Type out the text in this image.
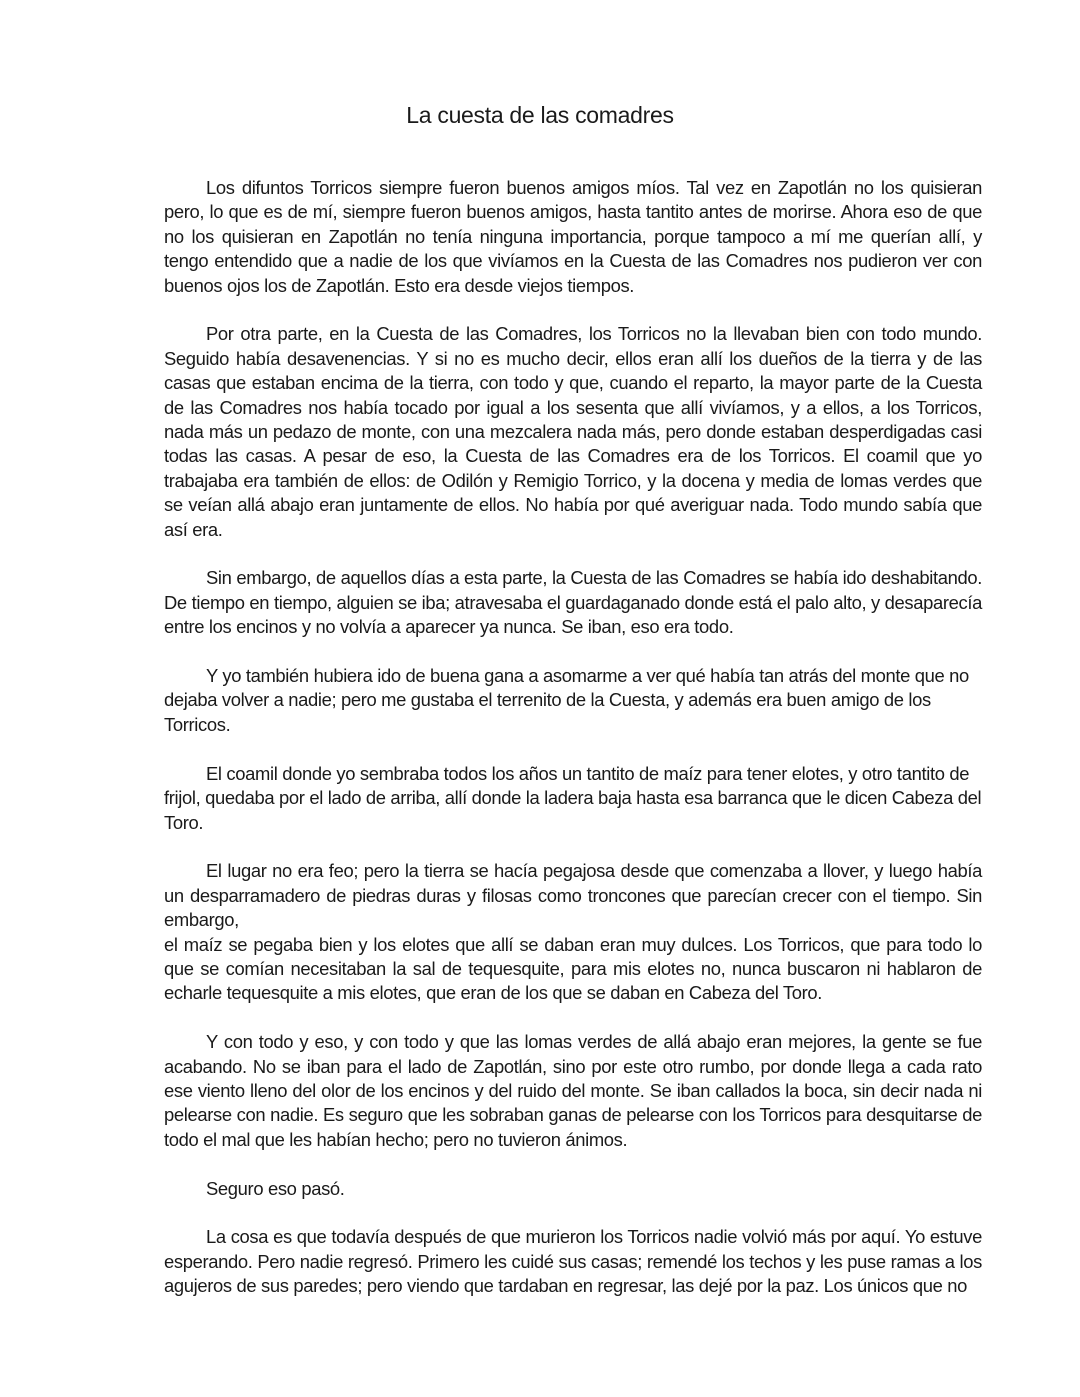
La cuesta de las comadres

Los difuntos Torricos siempre fueron buenos amigos míos. Tal vez en Zapotlán no los quisieran pero, lo que es de mí, siempre fueron buenos amigos, hasta tantito antes de morirse. Ahora eso de que no los quisieran en Zapotlán no tenía ninguna importancia, porque tampoco a mí me querían allí, y tengo entendido que a nadie de los que vivíamos en la Cuesta de las Comadres nos pudieron ver con buenos ojos los de Zapotlán. Esto era desde viejos tiempos.

Por otra parte, en la Cuesta de las Comadres, los Torricos no la llevaban bien con todo mundo. Seguido había desavenencias. Y si no es mucho decir, ellos eran allí los dueños de la tierra y de las casas que estaban encima de la tierra, con todo y que, cuando el reparto, la mayor parte de la Cuesta de las Comadres nos había tocado por igual a los sesenta que allí vivíamos, y a ellos, a los Torricos, nada más un pedazo de monte, con una mezcalera nada más, pero donde estaban desperdigadas casi todas las casas. A pesar de eso, la Cuesta de las Comadres era de los Torricos. El coamil que yo trabajaba era también de ellos: de Odilón y Remigio Torrico, y la docena y media de lomas verdes que se veían allá abajo eran juntamente de ellos. No había por qué averiguar nada. Todo mundo sabía que así era.

Sin embargo, de aquellos días a esta parte, la Cuesta de las Comadres se había ido deshabitando. De tiempo en tiempo, alguien se iba; atravesaba el guardaganado donde está el palo alto, y desaparecía entre los encinos y no volvía a aparecer ya nunca. Se iban, eso era todo.

Y yo también hubiera ido de buena gana a asomarme a ver qué había tan atrás del monte que no dejaba volver a nadie; pero me gustaba el terrenito de la Cuesta, y además era buen amigo de los Torricos.

El coamil donde yo sembraba todos los años un tantito de maíz para tener elotes, y otro tantito de frijol, quedaba por el lado de arriba, allí donde la ladera baja hasta esa barranca que le dicen Cabeza del Toro.

El lugar no era feo; pero la tierra se hacía pegajosa desde que comenzaba a llover, y luego había un desparramadero de piedras duras y filosas como troncones que parecían crecer con el tiempo. Sin embargo,

el maíz se pegaba bien y los elotes que allí se daban eran muy dulces. Los Torricos, que para todo lo que se comían necesitaban la sal de tequesquite, para mis elotes no, nunca buscaron ni hablaron de echarle tequesquite a mis elotes, que eran de los que se daban en Cabeza del Toro.

Y con todo y eso, y con todo y que las lomas verdes de allá abajo eran mejores, la gente se fue acabando. No se iban para el lado de Zapotlán, sino por este otro rumbo, por donde llega a cada rato ese viento lleno del olor de los encinos y del ruido del monte. Se iban callados la boca, sin decir nada ni pelearse con nadie. Es seguro que les sobraban ganas de pelearse con los Torricos para desquitarse de todo el mal que les habían hecho; pero no tuvieron ánimos.

Seguro eso pasó.

La cosa es que todavía después de que murieron los Torricos nadie volvió más por aquí. Yo estuve esperando. Pero nadie regresó. Primero les cuidé sus casas; remendé los techos y les puse ramas a los agujeros de sus paredes; pero viendo que tardaban en regresar, las dejé por la paz. Los únicos que no
